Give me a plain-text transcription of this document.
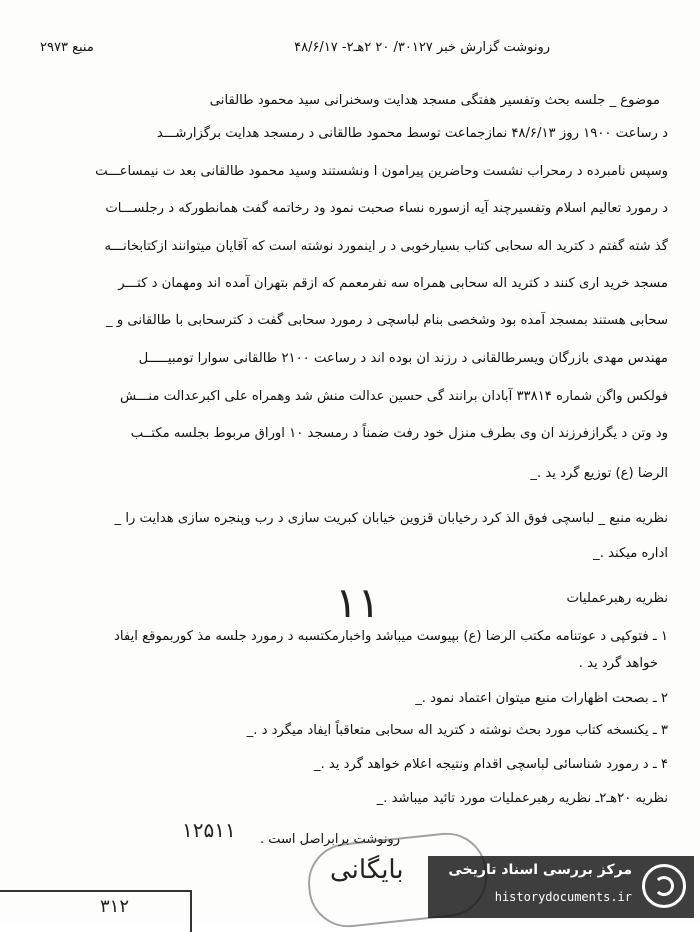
رونوشت گزارش خبر ۳۰۱۲۷/ ۲۰ ۲هـ۲- ۴۸/۶/۱۷
منبع ۲۹۷۳
موضوع _ جلسه بحث وتفسیر هفتگی مسجد هدایت وسخنرانی سید محمود طالقانی
د رساعت ۱۹۰۰ روز ۴۸/۶/۱۳ نمازجماعت توسط محمود طالقانی د رمسجد هدایت برگزارشـــد
وسپس نامبرده د رمحراب نشست وحاضرین پیرامون ا ونشستند وسید محمود طالقانی بعد ت نیمساعـــت
د رمورد تعالیم اسلام وتفسیرچند آیه ازسوره نساء صحبت نمود ود رخاتمه گفت همانطورکه د رجلســـات
گذ شته گفتم د کترید اله سحابی کتاب بسیارخوبی د ر اینمورد نوشته است که آقایان میتوانند ازکتابخانـــه
مسجد خرید اری کنند د کترید اله سحابی همراه سه نفرمعمم که ازقم بتهران آمده اند ومهمان د کتـــر
سحابی هستند بمسجد آمده بود وشخصی بنام لباسچی د رمورد سحابی گفت د کترسحابی با طالقانی و _
مهندس مهدی بازرگان ویسرطالقانی د رزند ان بوده اند د رساعت ۲۱۰۰ طالقانی سوارا تومبیـــــل
فولکس واگن شماره ۳۳۸۱۴ آبادان برانند گی حسین عدالت منش شد وهمراه علی اکبرعدالت منـــش
ود وتن د یگرازفرزند ان وی بطرف منزل خود رفت ضمناً د رمسجد ۱۰ اوراق مربوط بجلسه مکتــب
الرضا (ع) توزیع گرد ید ._
نظریه منبع _ لباسچی فوق الذ کرد رخیابان قزوین خیابان کبریت سازی د رب وپنجره سازی هدایت را _
اداره میکند ._
نظریه رهبرعملیات
۱ ـ فتوکپی د عوتنامه مکتب الرضا (ع) بپیوست میباشد واخبارمکتسبه د رمورد جلسه مذ کوربموقع ایفاد
خواهد گرد ید .
۲ ـ بصحت اظهارات منبع میتوان اعتماد نمود ._
۳ ـ یکنسخه کتاب مورد بحث نوشته د کترید اله سحابی متعاقباً ایفاد میگرد د ._
۴ ـ د رمورد شناسائی لباسچی اقدام ونتیجه اعلام خواهد گرد ید ._
نظریه ۲۰هـ۲ـ نظریه رهبرعملیات مورد تائید میباشد ._
رونوشت برابراصل است .
۱۱
۱۲۵۱۱
بایگانی
۳۱۲
مرکز بررسی اسناد تاریخی
historydocuments.ir
